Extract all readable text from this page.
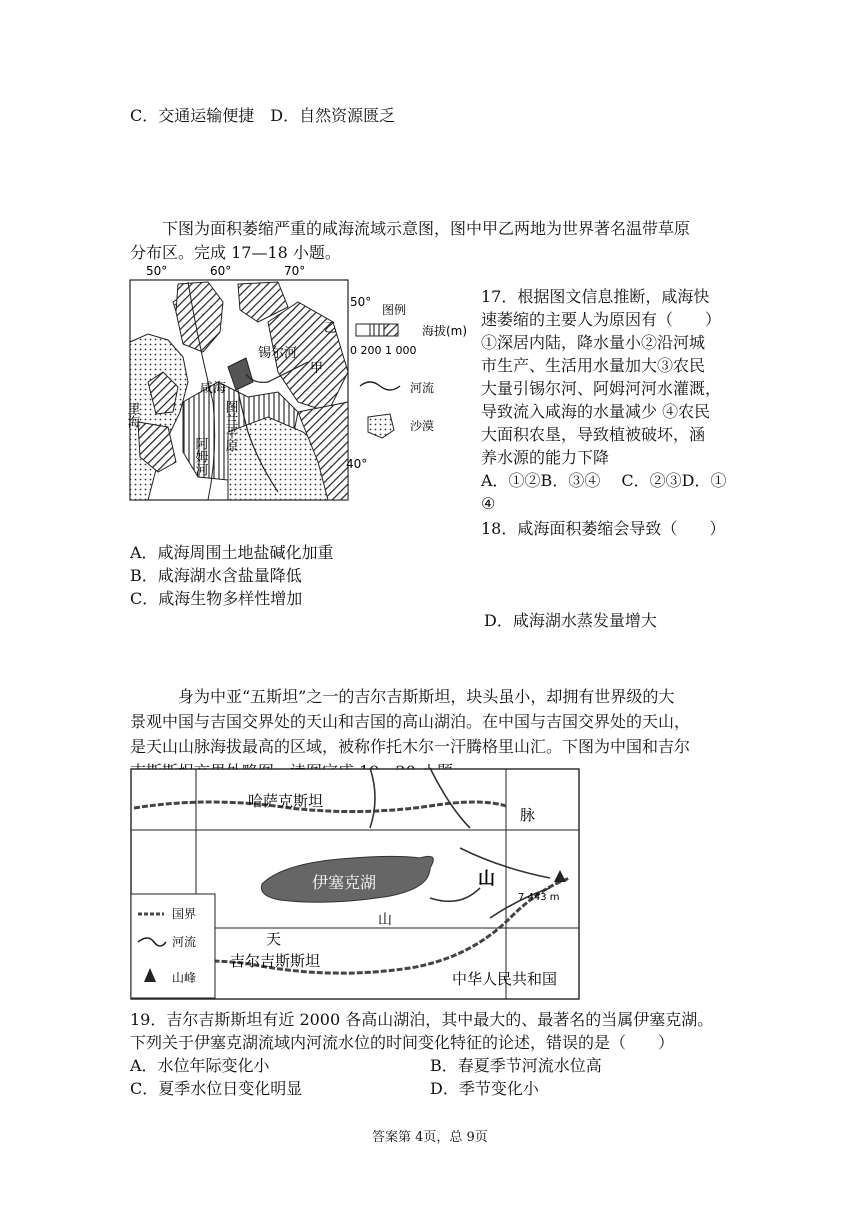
C．交通运输便捷　D．自然资源匮乏
下图为面积萎缩严重的咸海流域示意图，图中甲乙两地为世界著名温带草原
分布区。完成 17—18 小题。
50°	60°	70°
50°
40°
咸海
里海
阿姆河
图兰平原
锡尔河
甲
乙
图例
海拔(m)
0 200 1 000
河流
沙漠
17．根据图文信息推断，咸海快
速萎缩的主要人为原因有（　　）
①深居内陆，降水量小②沿河城
市生产、生活用水量加大③农民
大量引锡尔河、阿姆河河水灌溉，
导致流入咸海的水量减少 ④农民
大面积农垦，导致植被破坏，涵
养水源的能力下降
A．①②B．③④　 C．②③D．①
④
18．咸海面积萎缩会导致（　　）
A．咸海周围土地盐碱化加重
B．咸海湖水含盐量降低
C．咸海生物多样性增加
D．咸海湖水蒸发量增大
身为中亚“五斯坦”之一的吉尔吉斯斯坦，块头虽小，却拥有世界级的大
景观中国与吉国交界处的天山和吉国的高山湖泊。在中国与吉国交界处的天山，
是天山山脉海拔最高的区域，被称作托木尔一汗腾格里山汇。下图为中国和吉尔
哈萨克斯坦
脉
伊塞克湖	山
山
天
吉尔吉斯斯坦
中华人民共和国
7 443 m
国界
河流
山峰
19．吉尔吉斯斯坦有近 2000 各高山湖泊，其中最大的、最著名的当属伊塞克湖。
下列关于伊塞克湖流域内河流水位的时间变化特征的论述，错误的是（　　）
A．水位年际变化小	B．春夏季节河流水位高
C．夏季水位日变化明显	D．季节变化小
答案第 4页，总 9页
